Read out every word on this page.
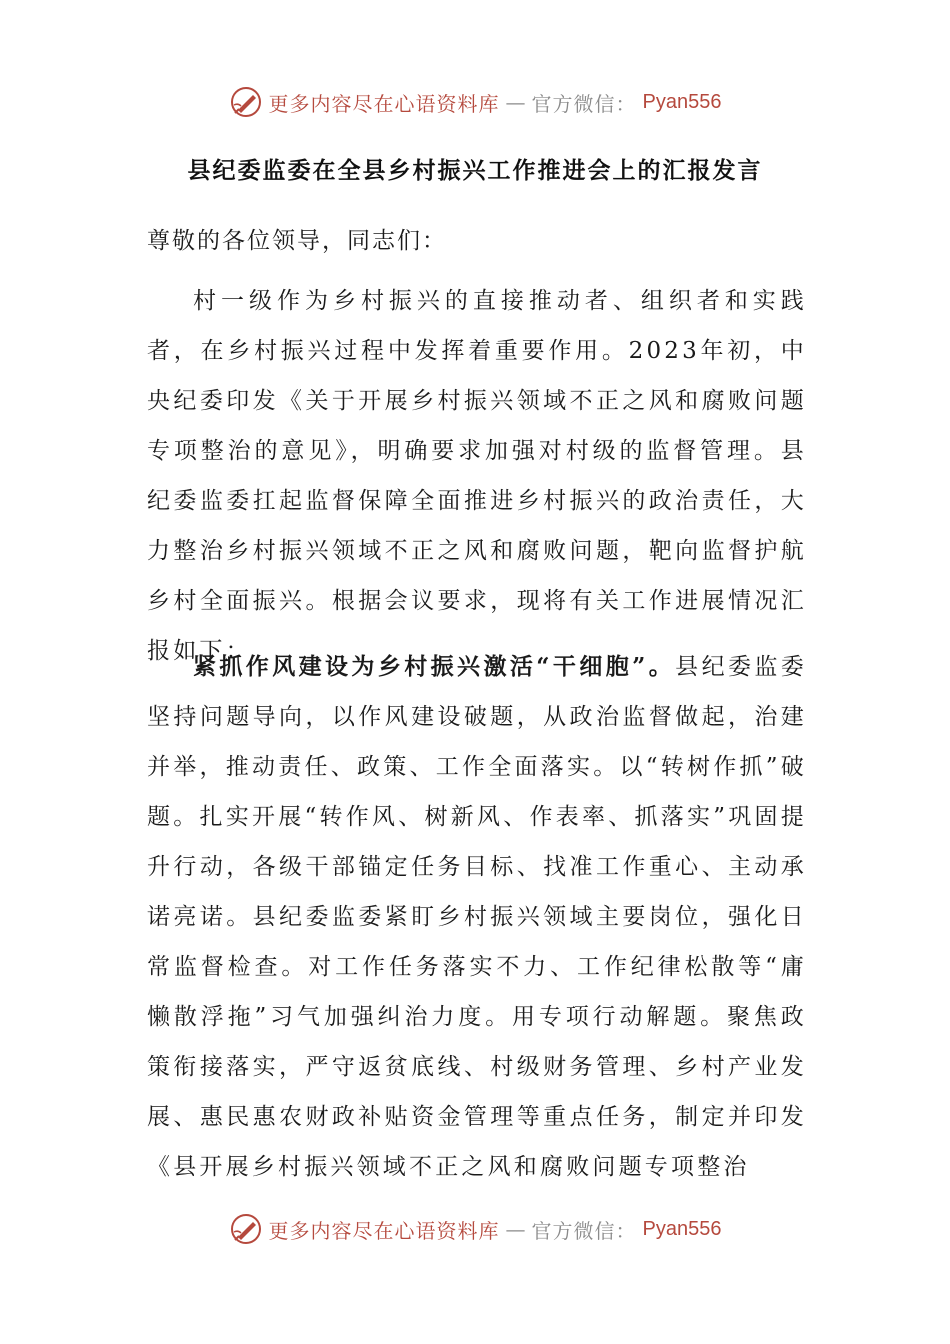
更多内容尽在心语资料库 — 官方微信： Pyan556
县纪委监委在全县乡村振兴工作推进会上的汇报发言
尊敬的各位领导，同志们：

村一级作为乡村振兴的直接推动者、组织者和实践者，在乡村振兴过程中发挥着重要作用。2023年初，中央纪委印发《关于开展乡村振兴领域不正之风和腐败问题专项整治的意见》，明确要求加强对村级的监督管理。县纪委监委扛起监督保障全面推进乡村振兴的政治责任，大力整治乡村振兴领域不正之风和腐败问题，靶向监督护航乡村全面振兴。根据会议要求，现将有关工作进展情况汇报如下：

紧抓作风建设为乡村振兴激活“干细胞”。县纪委监委坚持问题导向，以作风建设破题，从政治监督做起，治建并举，推动责任、政策、工作全面落实。以“转树作抓”破题。扎实开展“转作风、树新风、作表率、抓落实”巩固提升行动，各级干部锚定任务目标、找准工作重心、主动承诺亮诺。县纪委监委紧盯乡村振兴领域主要岗位，强化日常监督检查。对工作任务落实不力、工作纪律松散等“庸懒散浮拖”习气加强纠治力度。用专项行动解题。聚焦政策衔接落实，严守返贫底线、村级财务管理、乡村产业发展、惠民惠农财政补贴资金管理等重点任务，制定并印发《县开展乡村振兴领域不正之风和腐败问题专项整治

更多内容尽在心语资料库 — 官方微信： Pyan556
